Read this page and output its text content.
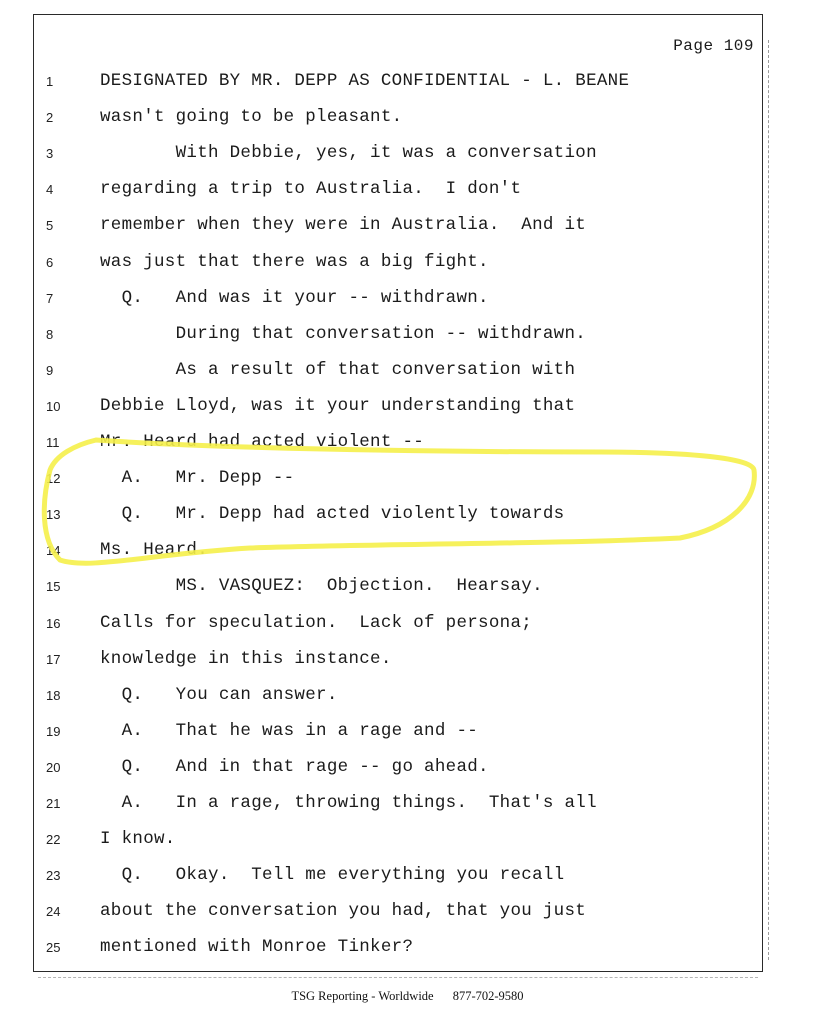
Page 109
1	DESIGNATED BY MR. DEPP AS CONFIDENTIAL - L. BEANE
2	wasn't going to be pleasant.
3	With Debbie, yes, it was a conversation
4	regarding a trip to Australia.  I don't
5	remember when they were in Australia.  And it
6	was just that there was a big fight.
7	Q.   And was it your -- withdrawn.
8	During that conversation -- withdrawn.
9	As a result of that conversation with
10	Debbie Lloyd, was it your understanding that
11	Mr. Heard had acted violent --
12	A.   Mr. Depp --
13	Q.   Mr. Depp had acted violently towards
14	Ms. Heard.
15	MS. VASQUEZ:  Objection.  Hearsay.
16	Calls for speculation.  Lack of persona;
17	knowledge in this instance.
18	Q.   You can answer.
19	A.   That he was in a rage and --
20	Q.   And in that rage -- go ahead.
21	A.   In a rage, throwing things.  That's all
22	I know.
23	Q.   Okay.  Tell me everything you recall
24	about the conversation you had, that you just
25	mentioned with Monroe Tinker?
TSG Reporting - Worldwide 877-702-9580
